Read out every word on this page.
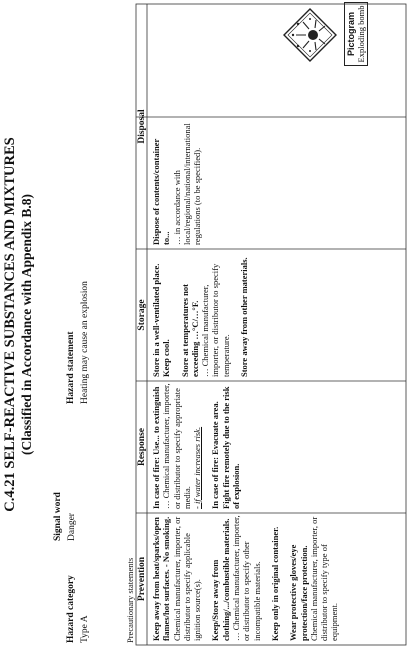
C.4.21 SELF-REACTIVE SUBSTANCES AND MIXTURES (Classified in Accordance with Appendix B.8)
Hazard category Type A
Signal word Danger
Hazard statement Heating may cause an explosion
Pictogram Exploding bomb
Precautionary statements Prevention
Response
Storage
Disposal

Keep away from heat/sparks/open flames/hot surfaces. - No smoking.
Chemical manufacturer, importer, or distributor to specify applicable ignition source(s). Keep/Store away from clothing/.../combustible materials.
… Chemical manufacturer, importer, or distributor to specify other incompatible materials. Keep only in original container. Wear protective gloves/eye protection/face protection.
Chemical manufacturer, importer, or distributor to specify type of equipment.

In case of fire: Use... to extinguish
… Chemical manufacturer, importer, or distributor to specify appropriate media.
- if water increases risk. In case of fire: Evacuate area. Fight fire remotely due to the risk of explosion.

Store in a well-ventilated place. Keep cool. Store at temperatures not exceeding …°C/…°F.
… Chemical manufacturer, importer, or distributor to specify temperature. Store away from other materials.

Dispose of contents/container to...
… in accordance with local/regional/national/international regulations (to be specified).
